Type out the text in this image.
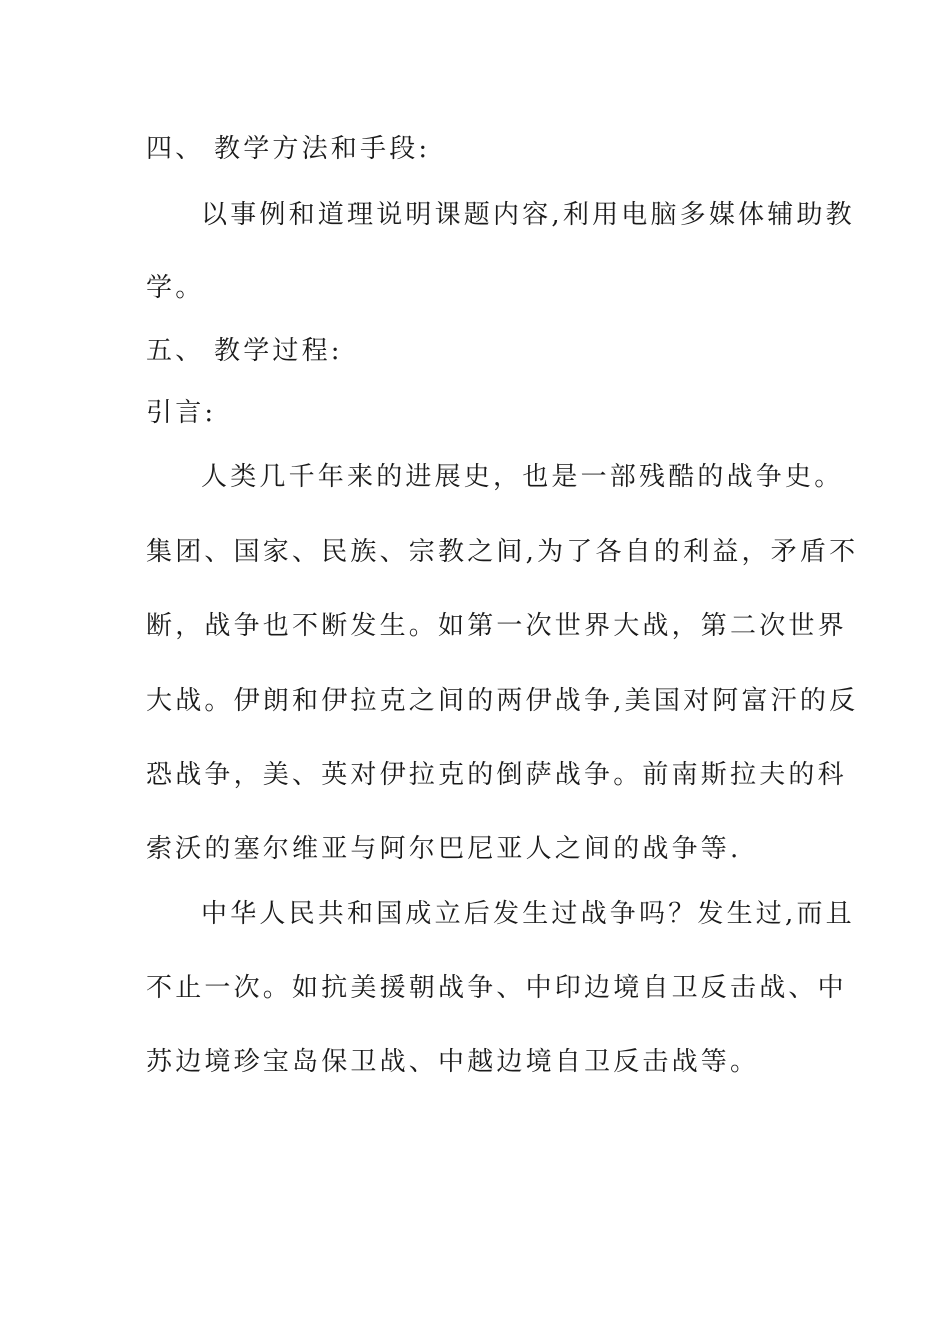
四、 教学方法和手段:
以事例和道理说明课题内容,利用电脑多媒体辅助教
学。
五、 教学过程:
引言:
人类几千年来的进展史，也是一部残酷的战争史。
集团、国家、民族、宗教之间,为了各自的利益，矛盾不
断，战争也不断发生。如第一次世界大战，第二次世界
大战。伊朗和伊拉克之间的两伊战争,美国对阿富汗的反
恐战争，美、英对伊拉克的倒萨战争。前南斯拉夫的科
索沃的塞尔维亚与阿尔巴尼亚人之间的战争等.
中华人民共和国成立后发生过战争吗？发生过,而且
不止一次。如抗美援朝战争、中印边境自卫反击战、中
苏边境珍宝岛保卫战、中越边境自卫反击战等。
